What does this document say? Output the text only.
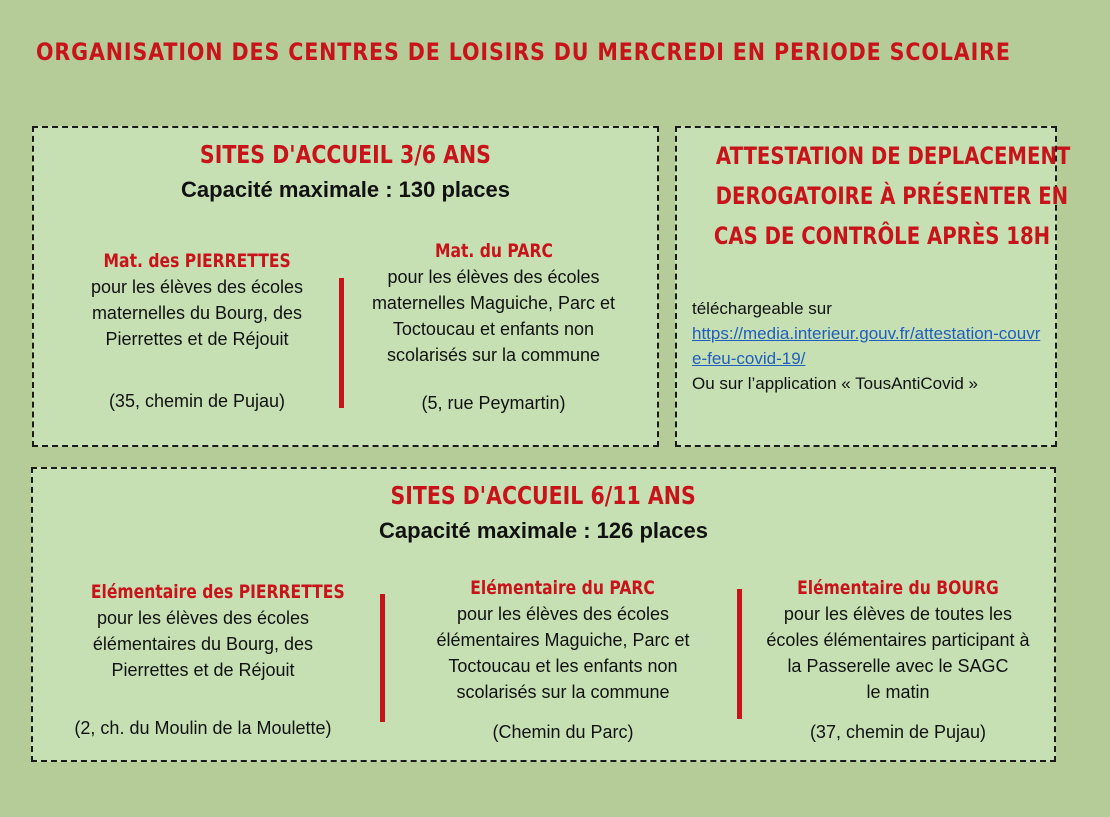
ORGANISATION DES CENTRES DE LOISIRS DU MERCREDI EN PERIODE SCOLAIRE
SITES D'ACCUEIL 3/6 ANS
Capacité maximale : 130 places
Mat. des PIERRETTES
pour les élèves des écoles
maternelles du Bourg, des
Pierrettes et de Réjouit
(35, chemin de Pujau)
Mat. du PARC
pour les élèves des écoles
maternelles Maguiche, Parc et
Toctoucau et enfants non
scolarisés sur la commune
(5, rue Peymartin)
ATTESTATION DE DEPLACEMENT
DEROGATOIRE À PRÉSENTER EN
CAS DE CONTRÔLE APRÈS 18H
téléchargeable sur
https://media.interieur.gouv.fr/attestation-couvre-feu-covid-19/
Ou sur l’application « TousAntiCovid »
SITES D'ACCUEIL 6/11 ANS
Capacité maximale : 126 places
Elémentaire des PIERRETTES
pour les élèves des écoles
élémentaires du Bourg, des
Pierrettes et de Réjouit
(2, ch. du Moulin de la Moulette)
Elémentaire du PARC
pour les élèves des écoles
élémentaires Maguiche, Parc et
Toctoucau et les enfants non
scolarisés sur la commune
(Chemin du Parc)
Elémentaire du BOURG
pour les élèves de toutes les
écoles élémentaires participant à
la Passerelle avec le SAGC
le matin
(37, chemin de Pujau)
